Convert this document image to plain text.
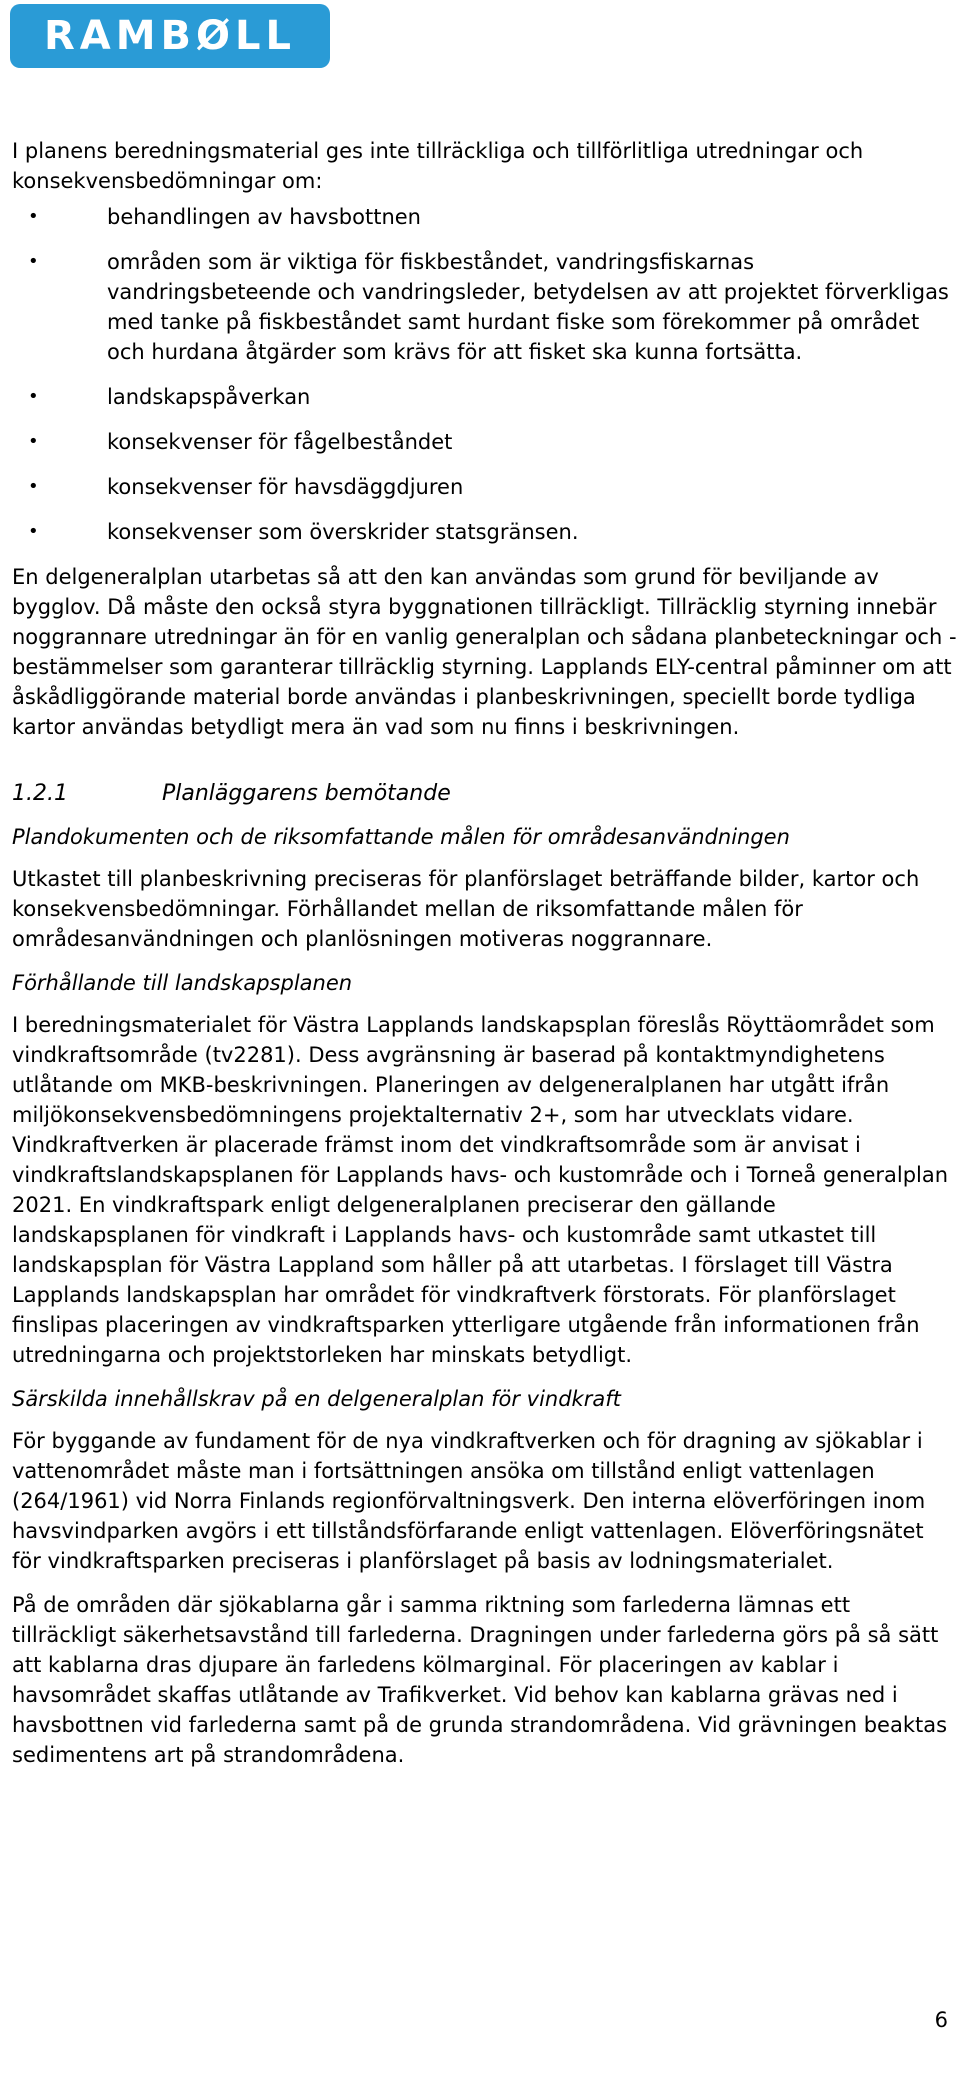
RAMBØLL

I planens beredningsmaterial ges inte tillräckliga och tillförlitliga utredningar och konsekvensbedömningar om:

• behandlingen av havsbottnen
• områden som är viktiga för fiskbeståndet, vandringsfiskarnas vandringsbeteende och vandringsleder, betydelsen av att projektet förverkligas med tanke på fiskbeståndet samt hurdant fiske som förekommer på området och hurdana åtgärder som krävs för att fisket ska kunna fortsätta.
• landskapspåverkan
• konsekvenser för fågelbeståndet
• konsekvenser för havsdäggdjuren
• konsekvenser som överskrider statsgränsen.

En delgeneralplan utarbetas så att den kan användas som grund för beviljande av bygglov. Då måste den också styra byggnationen tillräckligt. Tillräcklig styrning innebär noggrannare utredningar än för en vanlig generalplan och sådana planbeteckningar och -bestämmelser som garanterar tillräcklig styrning. Lapplands ELY-central påminner om att åskådliggörande material borde användas i planbeskrivningen, speciellt borde tydliga kartor användas betydligt mera än vad som nu finns i beskrivningen.

1.2.1	Planläggarens bemötande
Plandokumenten och de riksomfattande målen för områdesanvändningen

Utkastet till planbeskrivning preciseras för planförslaget beträffande bilder, kartor och konsekvensbedömningar. Förhållandet mellan de riksomfattande målen för områdesanvändningen och planlösningen motiveras noggrannare.

Förhållande till landskapsplanen

I beredningsmaterialet för Västra Lapplands landskapsplan föreslås Röyttäområdet som vindkraftsområde (tv2281). Dess avgränsning är baserad på kontaktmyndighetens utlåtande om MKB-beskrivningen. Planeringen av delgeneralplanen har utgått ifrån miljökonsekvensbedömningens projektalternativ 2+, som har utvecklats vidare. Vindkraftverken är placerade främst inom det vindkraftsområde som är anvisat i vindkraftslandskapsplanen för Lapplands havs- och kustområde och i Torneå generalplan 2021. En vindkraftspark enligt delgeneralplanen preciserar den gällande landskapsplanen för vindkraft i Lapplands havs- och kustområde samt utkastet till landskapsplan för Västra Lappland som håller på att utarbetas. I förslaget till Västra Lapplands landskapsplan har området för vindkraftverk förstorats. För planförslaget finslipas placeringen av vindkraftsparken ytterligare utgående från informationen från utredningarna och projektstorleken har minskats betydligt.

Särskilda innehållskrav på en delgeneralplan för vindkraft

För byggande av fundament för de nya vindkraftverken och för dragning av sjökablar i vattenområdet måste man i fortsättningen ansöka om tillstånd enligt vattenlagen (264/1961) vid Norra Finlands regionförvaltningsverk. Den interna elöverföringen inom havsvindparken avgörs i ett tillståndsförfarande enligt vattenlagen. Elöverföringsnätet för vindkraftsparken preciseras i planförslaget på basis av lodningsmaterialet.

På de områden där sjökablarna går i samma riktning som farlederna lämnas ett tillräckligt säkerhetsavstånd till farlederna. Dragningen under farlederna görs på så sätt att kablarna dras djupare än farledens kölmarginal. För placeringen av kablar i havsområdet skaffas utlåtande av Trafikverket. Vid behov kan kablarna grävas ned i havsbottnen vid farlederna samt på de grunda strandområdena. Vid grävningen beaktas sedimentens art på strandområdena.

6
